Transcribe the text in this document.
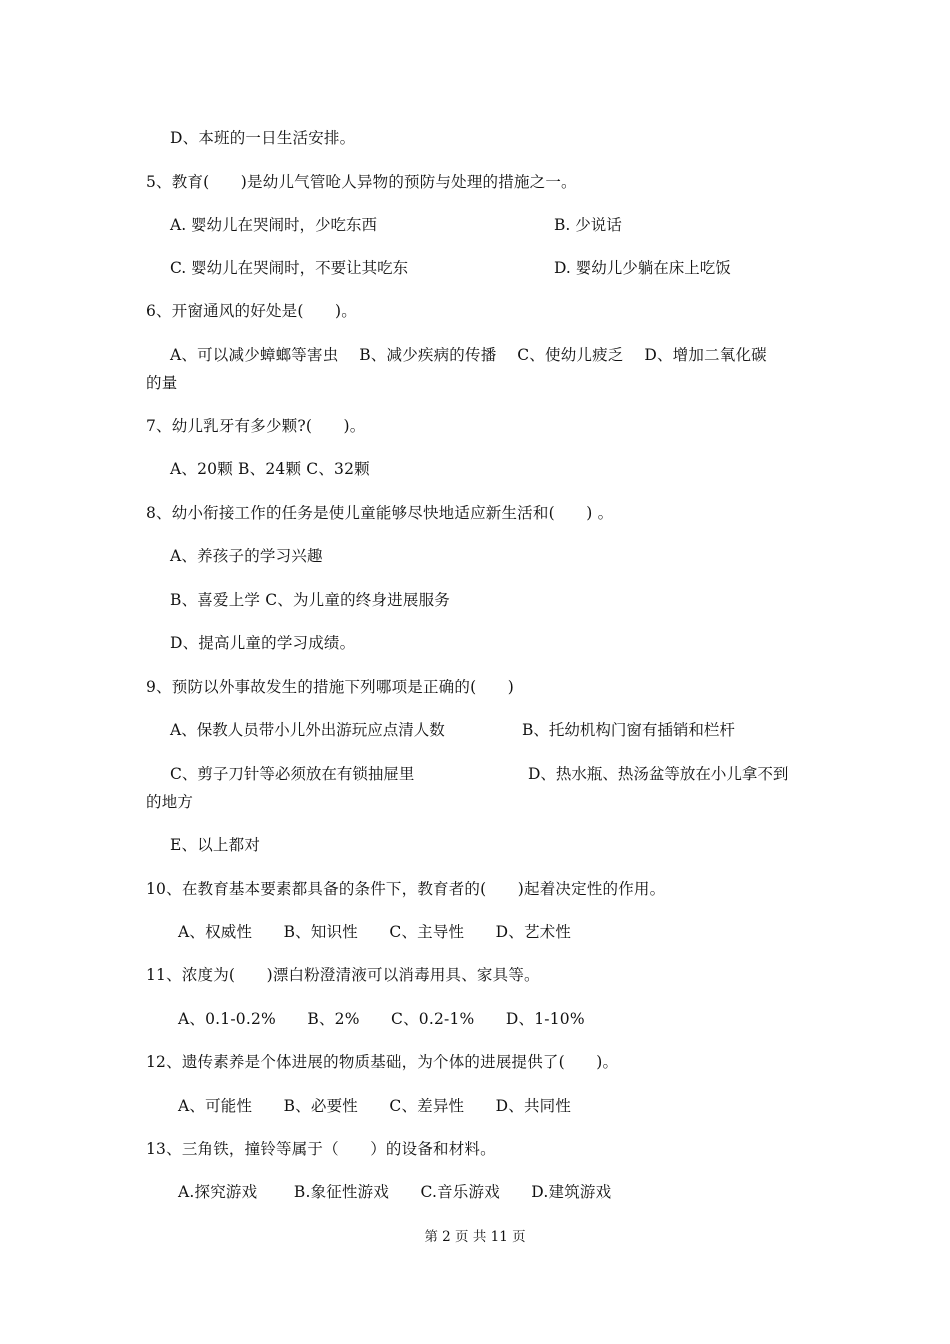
D、本班的一日生活安排。
5、教育(　　)是幼儿气管呛人异物的预防与处理的措施之一。
A. 婴幼儿在哭闹时，少吃东西	B. 少说话
C. 婴幼儿在哭闹时，不要让其吃东	D. 婴幼儿少躺在床上吃饭
6、开窗通风的好处是(　　)。
A、可以减少蟑螂等害虫　 B、减少疾病的传播　 C、使幼儿疲乏　 D、增加二氧化碳
的量
7、幼儿乳牙有多少颗?(　　)。
A、20颗 B、24颗 C、32颗
8、幼小衔接工作的任务是使儿童能够尽快地适应新生活和(　　) 。
A、养孩子的学习兴趣
B、喜爱上学 C、为儿童的终身进展服务
D、提高儿童的学习成绩。
9、预防以外事故发生的措施下列哪项是正确的(　　)
A、保教人员带小儿外出游玩应点清人数	B、托幼机构门窗有插销和栏杆
C、剪子刀针等必须放在有锁抽屉里	D、热水瓶、热汤盆等放在小儿拿不到
的地方
E、以上都对
10、在教育基本要素都具备的条件下，教育者的(　　)起着决定性的作用。
A、权威性　　B、知识性　　C、主导性　　D、艺术性
11、浓度为(　　)漂白粉澄清液可以消毒用具、家具等。
A、0.1-0.2%　　B、2%　　C、0.2-1%　　D、1-10%
12、遗传素养是个体进展的物质基础，为个体的进展提供了(　　)。
A、可能性　　B、必要性　　C、差异性　　D、共同性
13、三角铁，撞铃等属于（　　）的设备和材料。
A.探究游戏　　 B.象征性游戏　　C.音乐游戏　　D.建筑游戏
第 2 页 共 11 页
